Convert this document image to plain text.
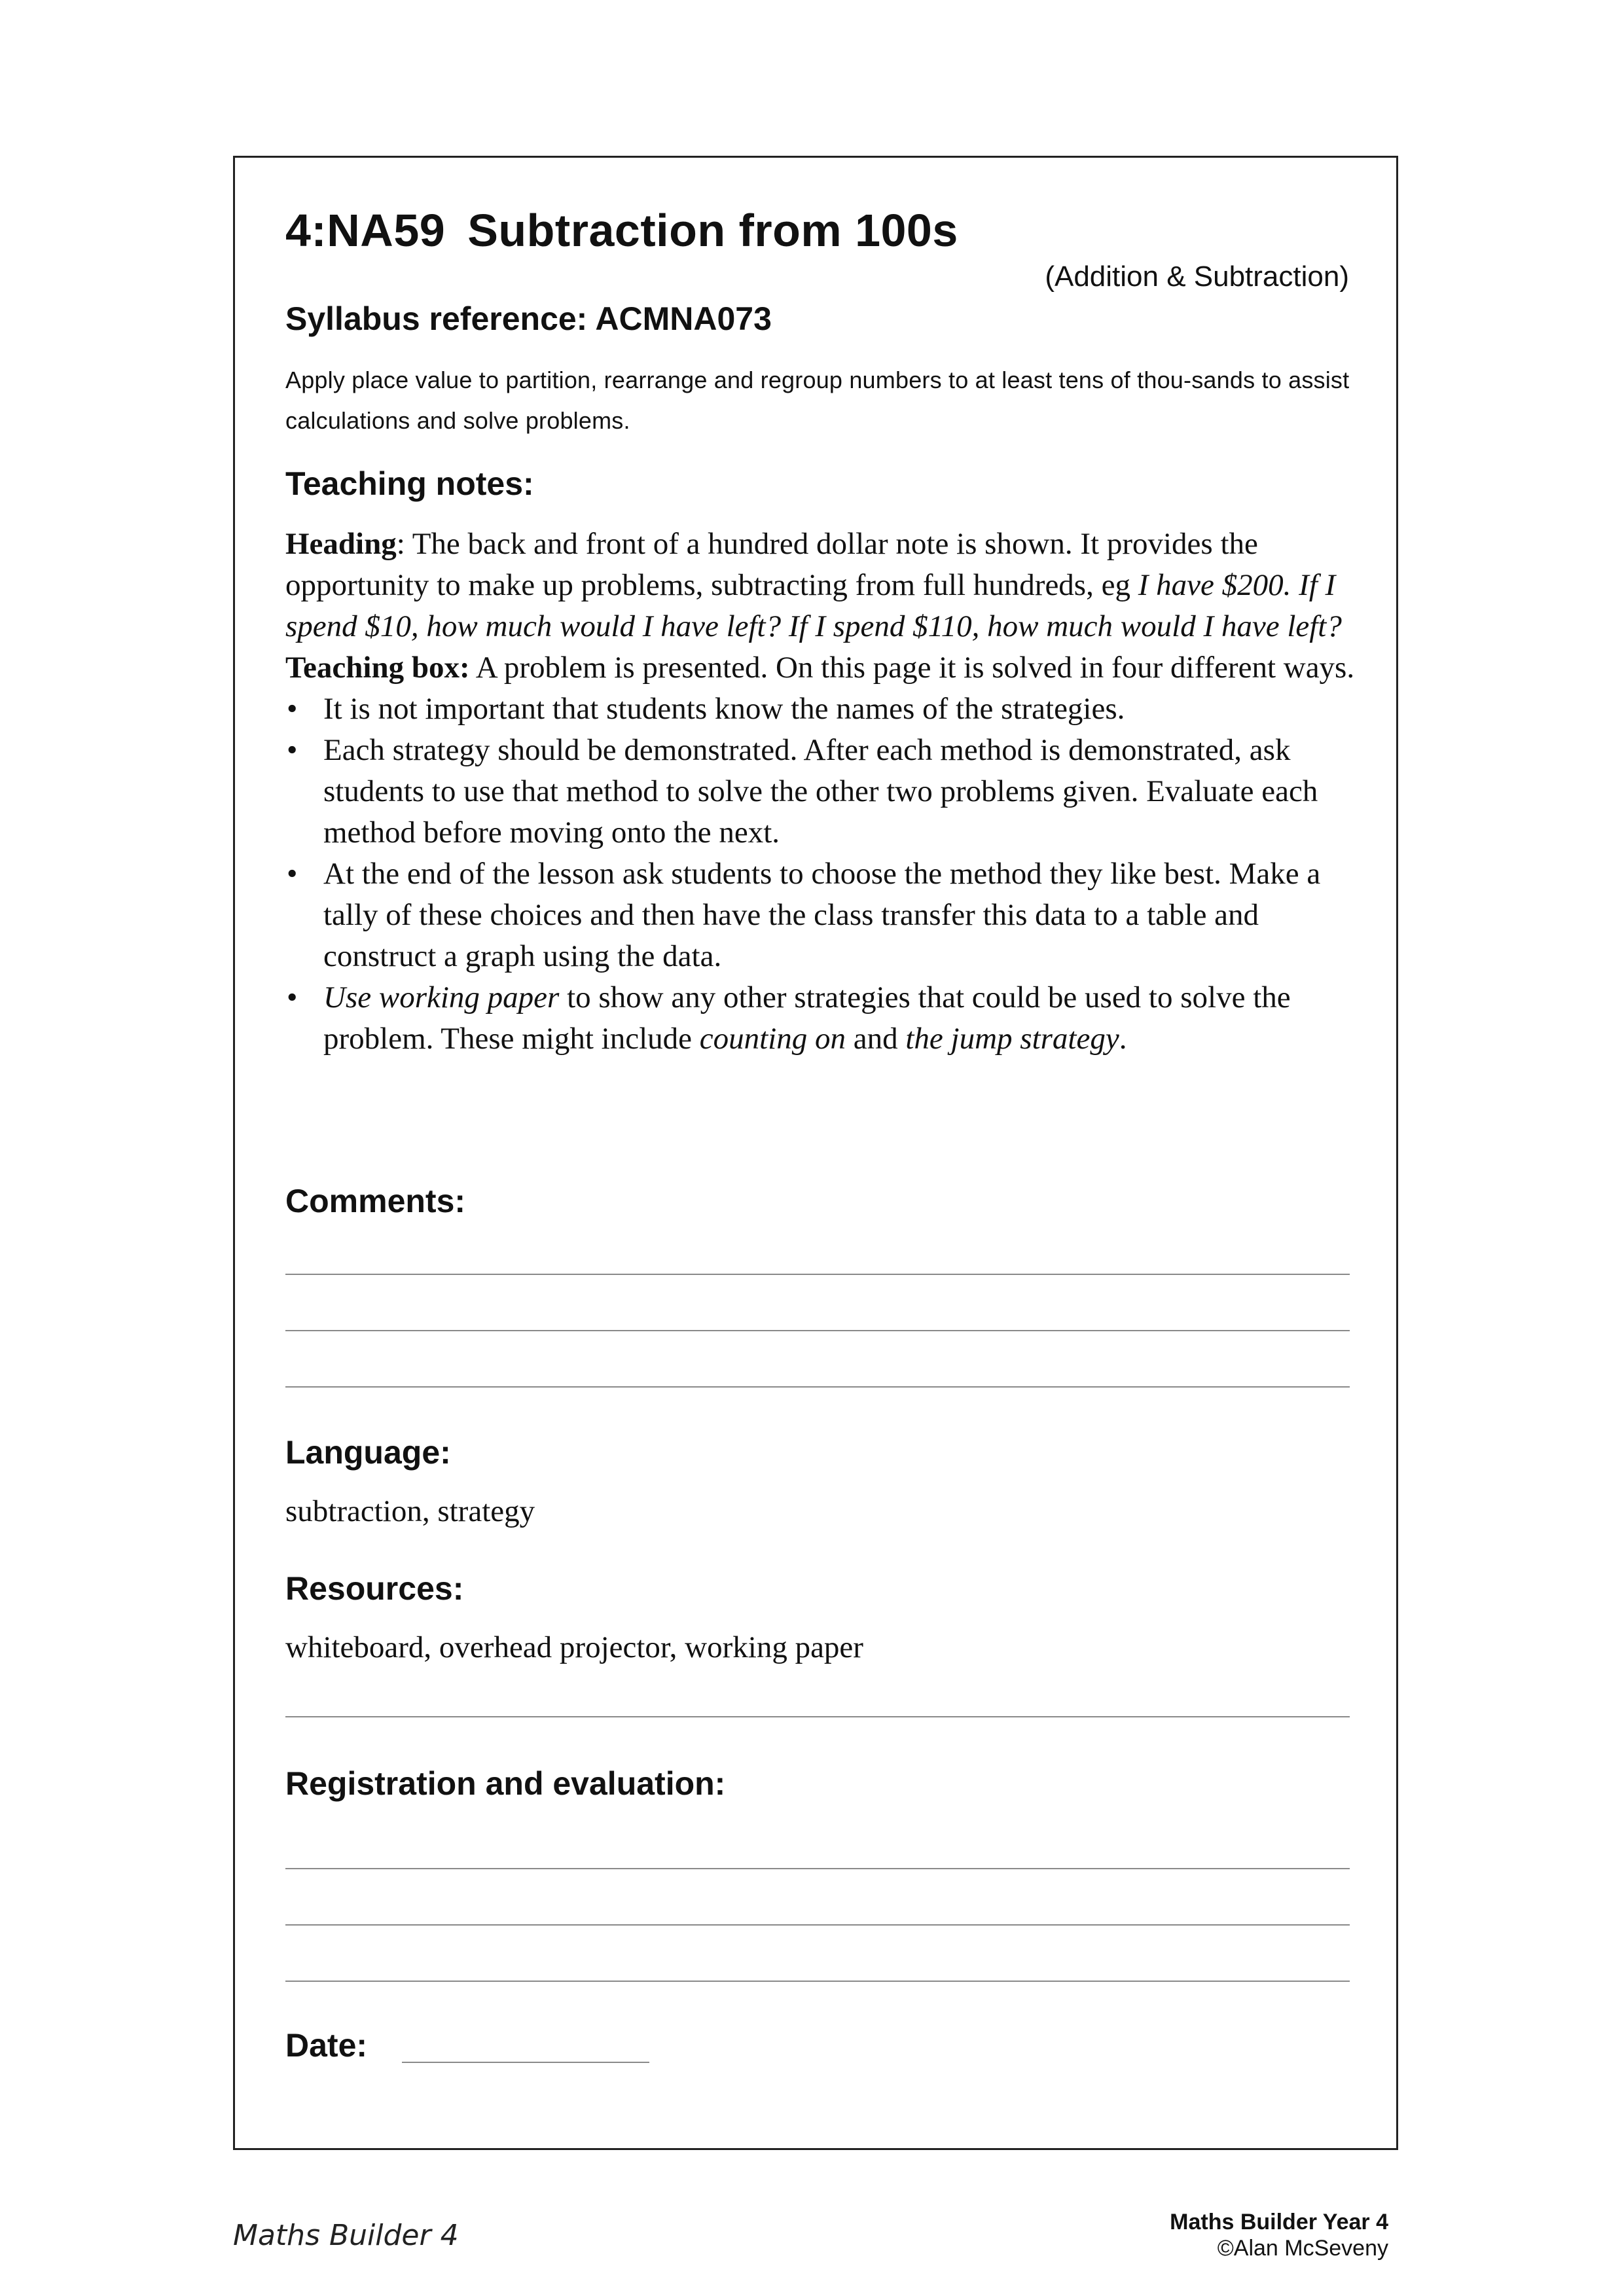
4:NA59 Subtraction from 100s
(Addition & Subtraction)
Syllabus reference: ACMNA073
Apply place value to partition, rearrange and regroup numbers to at least tens of thou-sands to assist calculations and solve problems.
Teaching notes:

Heading: The back and front of a hundred dollar note is shown. It provides the opportunity to make up problems, subtracting from full hundreds, eg I have $200. If I spend $10, how much would I have left? If I spend $110, how much would I have left?

Teaching box: A problem is presented. On this page it is solved in four different ways.

• It is not important that students know the names of the strategies.
• Each strategy should be demonstrated. After each method is demonstrated, ask students to use that method to solve the other two problems given. Evaluate each method before moving onto the next.
• At the end of the lesson ask students to choose the method they like best. Make a tally of these choices and then have the class transfer this data to a table and construct a graph using the data.
• Use working paper to show any other strategies that could be used to solve the problem. These might include counting on and the jump strategy.
Comments:
Language:
subtraction, strategy
Resources:
whiteboard, overhead projector, working paper
Registration and evaluation:
Date:
Maths Builder 4	Maths Builder Year 4
©Alan McSeveny
